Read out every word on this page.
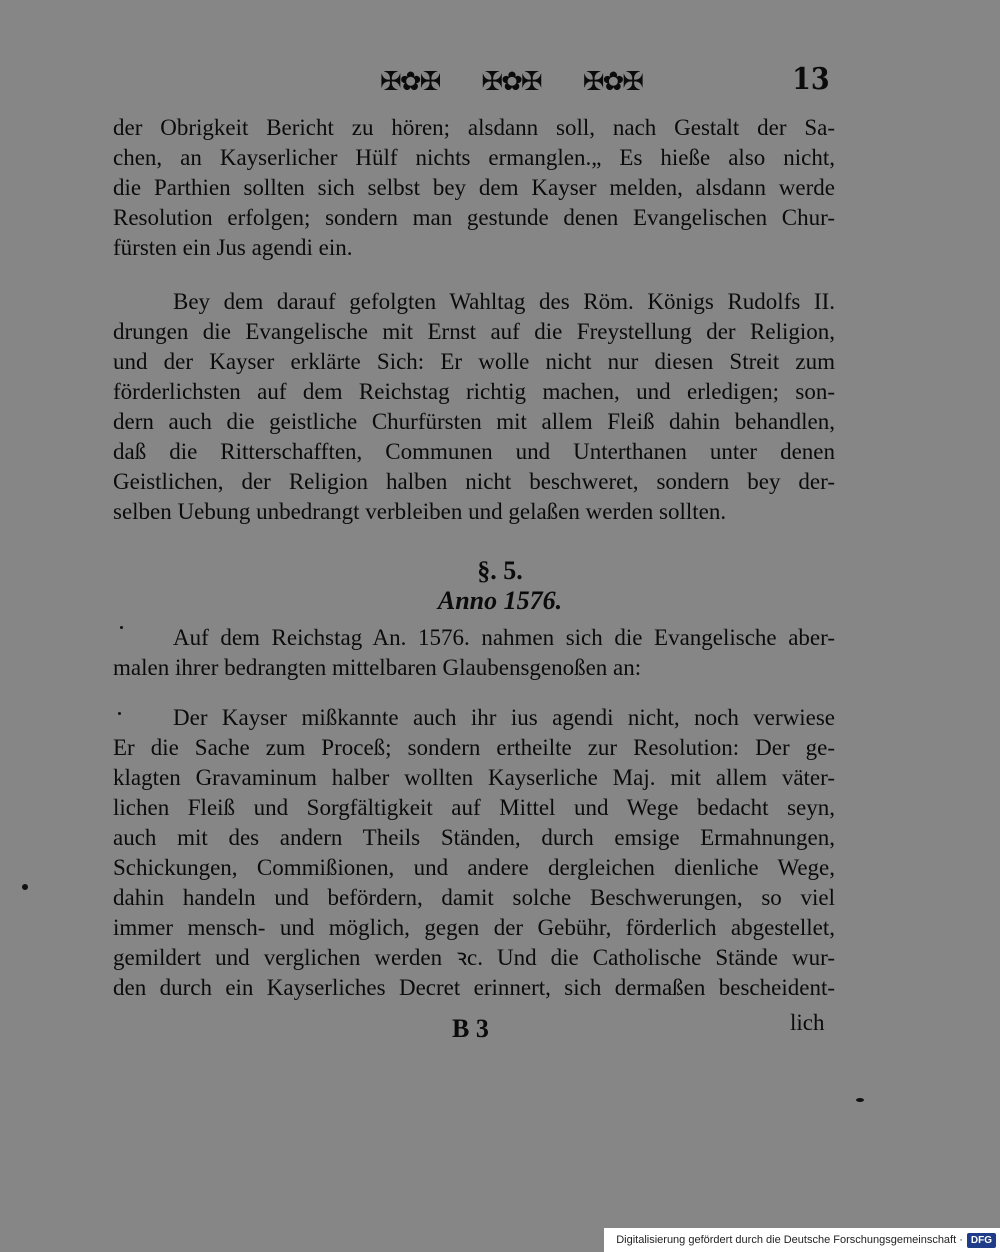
✠✿✠ ✠✿✠ ✠✿✠	13
der Obrigkeit Bericht zu hören; alsdann soll, nach Gestalt der Sa-
chen, an Kayserlicher Hülf nichts ermanglen.„ Es hieße also nicht,
die Parthien sollten sich selbst bey dem Kayser melden, alsdann werde
Resolution erfolgen; sondern man gestunde denen Evangelischen Chur-
fürsten ein Jus agendi ein.
Bey dem darauf gefolgten Wahltag des Röm. Königs Rudolfs II.
drungen die Evangelische mit Ernst auf die Freystellung der Religion,
und der Kayser erklärte Sich: Er wolle nicht nur diesen Streit zum
förderlichsten auf dem Reichstag richtig machen, und erledigen; son-
dern auch die geistliche Churfürsten mit allem Fleiß dahin behandlen,
daß die Ritterschafften, Communen und Unterthanen unter denen
Geistlichen, der Religion halben nicht beschweret, sondern bey der-
selben Uebung unbedrangt verbleiben und gelaßen werden sollten.
§. 5.
Anno 1576.
Auf dem Reichstag An. 1576. nahmen sich die Evangelische aber-
malen ihrer bedrangten mittelbaren Glaubensgenoßen an:
Der Kayser mißkannte auch ihr ius agendi nicht, noch verwiese
Er die Sache zum Proceß; sondern ertheilte zur Resolution: Der ge-
klagten Gravaminum halber wollten Kayserliche Maj. mit allem väter-
lichen Fleiß und Sorgfältigkeit auf Mittel und Wege bedacht seyn,
auch mit des andern Theils Ständen, durch emsige Ermahnungen,
Schickungen, Commißionen, und andere dergleichen dienliche Wege,
dahin handeln und befördern, damit solche Beschwerungen, so viel
immer mensch- und möglich, gegen der Gebühr, förderlich abgestellet,
gemildert und verglichen werden ꝛc. Und die Catholische Stände wur-
den durch ein Kayserliches Decret erinnert, sich dermaßen bescheident-
B 3	lich
Digitalisierung gefördert durch die Deutsche Forschungsgemeinschaft · DFG
